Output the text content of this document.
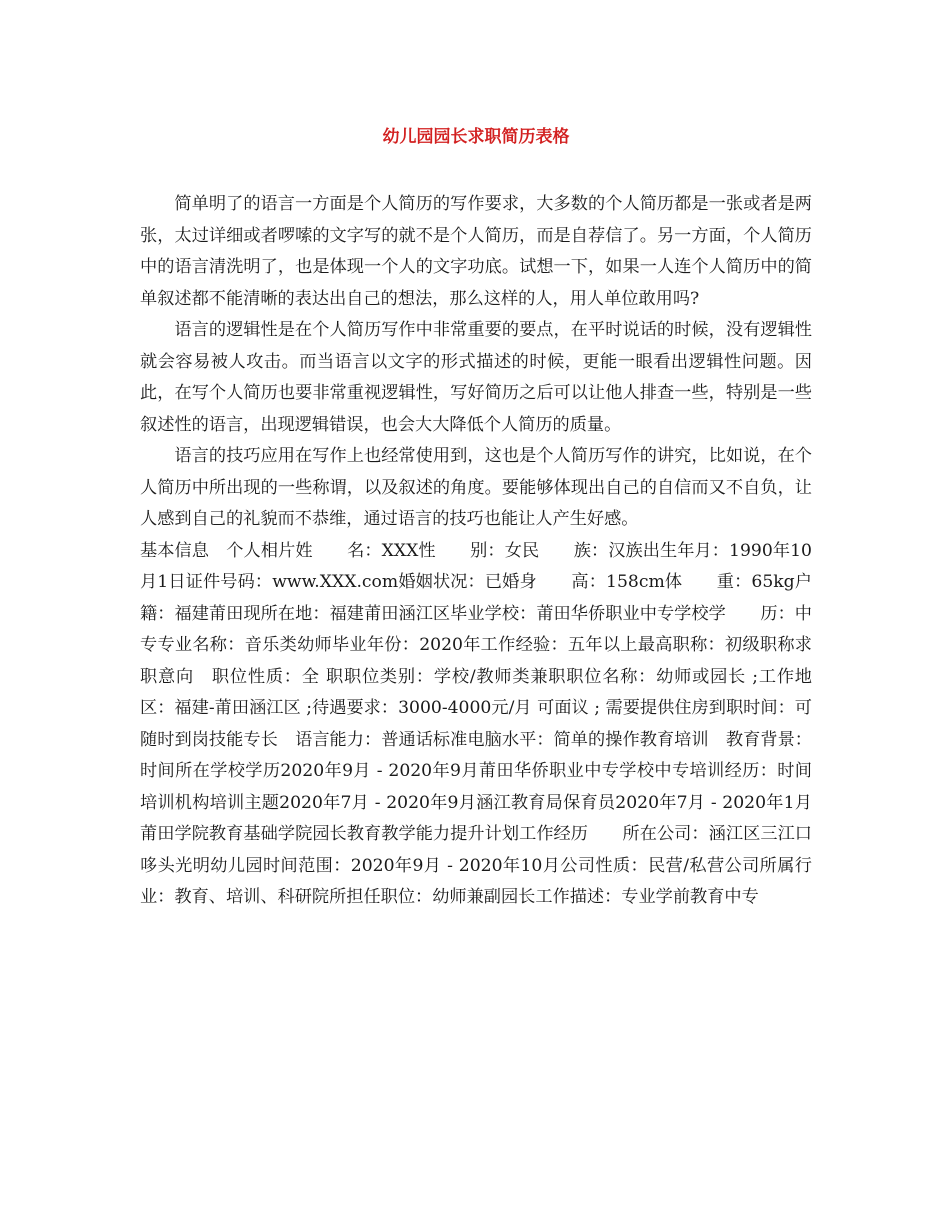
幼儿园园长求职简历表格

简单明了的语言一方面是个人简历的写作要求，大多数的个人简历都是一张或者是两张，太过详细或者啰嗦的文字写的就不是个人简历，而是自荐信了。另一方面，个人简历中的语言清洗明了，也是体现一个人的文字功底。试想一下，如果一人连个人简历中的简单叙述都不能清晰的表达出自己的想法，那么这样的人，用人单位敢用吗?

语言的逻辑性是在个人简历写作中非常重要的要点，在平时说话的时候，没有逻辑性就会容易被人攻击。而当语言以文字的形式描述的时候，更能一眼看出逻辑性问题。因此，在写个人简历也要非常重视逻辑性，写好简历之后可以让他人排查一些，特别是一些叙述性的语言，出现逻辑错误，也会大大降低个人简历的质量。

语言的技巧应用在写作上也经常使用到，这也是个人简历写作的讲究，比如说，在个人简历中所出现的一些称谓，以及叙述的角度。要能够体现出自己的自信而又不自负，让人感到自己的礼貌而不恭维，通过语言的技巧也能让人产生好感。

基本信息　个人相片姓　　名：XXX性　　别：女民　　族：汉族出生年月：1990年10月1日证件号码：www.XXX.com婚姻状况：已婚身　　高：158cm体　　重：65kg户　　籍：福建莆田现所在地：福建莆田涵江区毕业学校：莆田华侨职业中专学校学　　历：中专专业名称：音乐类幼师毕业年份：2020年工作经验：五年以上最高职称：初级职称求职意向　职位性质：全 职职位类别：学校/教师类兼职职位名称：幼师或园长 ;工作地区：福建-莆田涵江区 ;待遇要求：3000-4000元/月 可面议 ; 需要提供住房到职时间：可随时到岗技能专长　语言能力：普通话标准电脑水平：简单的操作教育培训　教育背景：时间所在学校学历2020年9月 - 2020年9月莆田华侨职业中专学校中专培训经历：时间培训机构培训主题2020年7月 - 2020年9月涵江教育局保育员2020年7月 - 2020年1月莆田学院教育基础学院园长教育教学能力提升计划工作经历　　所在公司：涵江区三江口哆头光明幼儿园时间范围：2020年9月 - 2020年10月公司性质：民营/私营公司所属行业：教育、培训、科研院所担任职位：幼师兼副园长工作描述：专业学前教育中专
